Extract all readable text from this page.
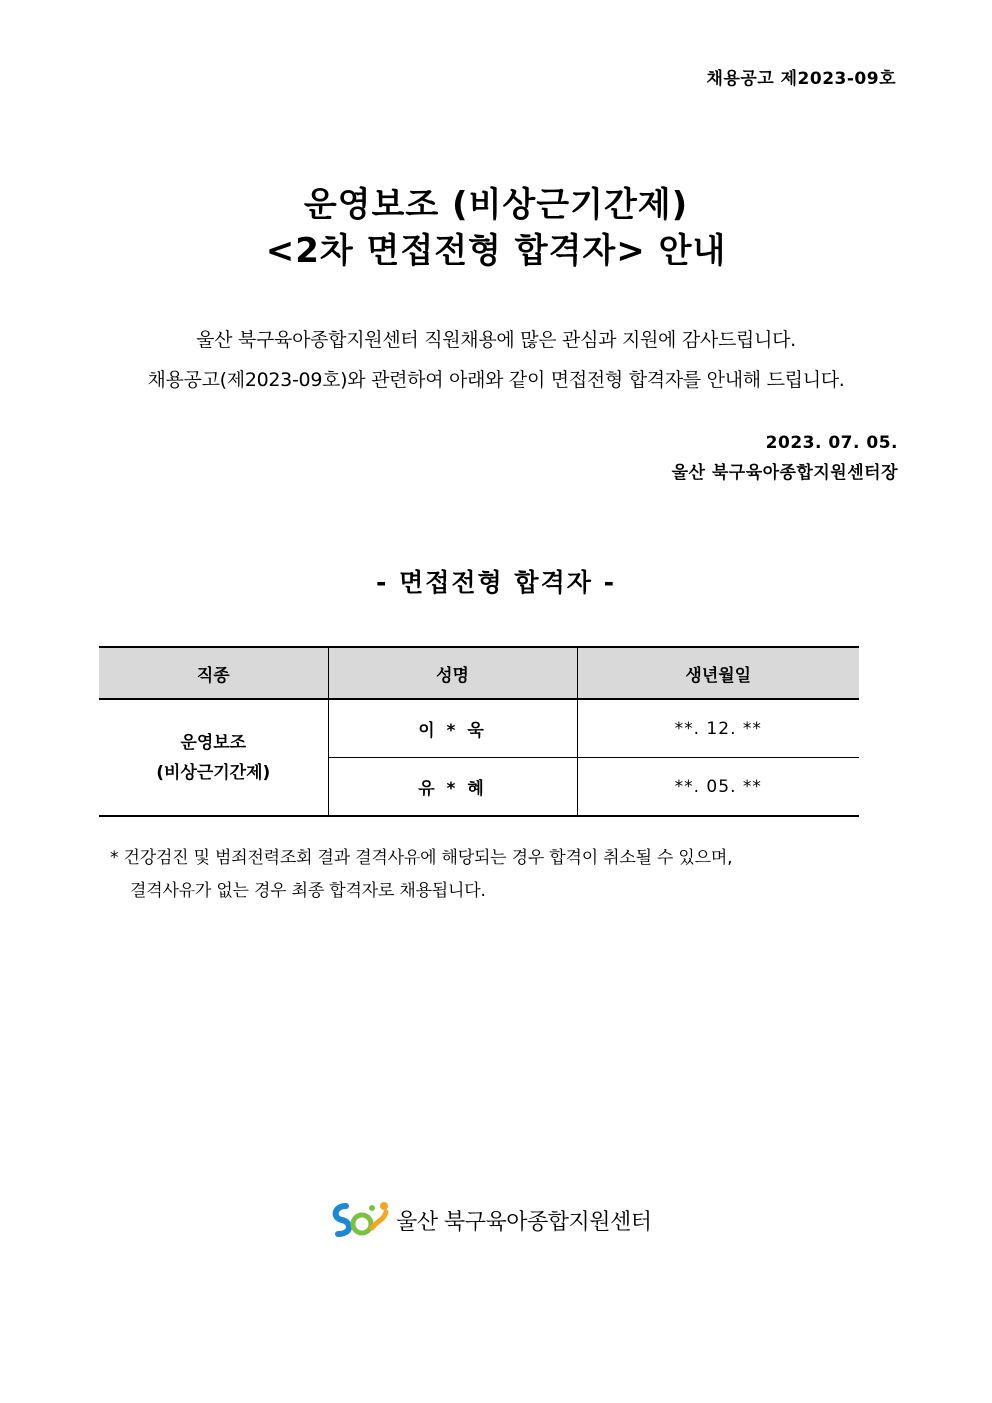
채용공고 제2023-09호
운영보조 (비상근기간제)
<2차 면접전형 합격자> 안내
울산 북구육아종합지원센터 직원채용에 많은 관심과 지원에 감사드립니다.
채용공고(제2023-09호)와 관련하여 아래와 같이 면접전형 합격자를 안내해 드립니다.
2023. 07. 05.
울산 북구육아종합지원센터장
- 면접전형 합격자 -
직종	성명	생년월일

운영보조
(비상근기간제)	이 * 욱	**. 12. **
	유 * 혜	**. 05. **
* 건강검진 및 범죄전력조회 결과 결격사유에 해당되는 경우 합격이 취소될 수 있으며,
결격사유가 없는 경우 최종 합격자로 채용됩니다.
울산 북구육아종합지원센터
